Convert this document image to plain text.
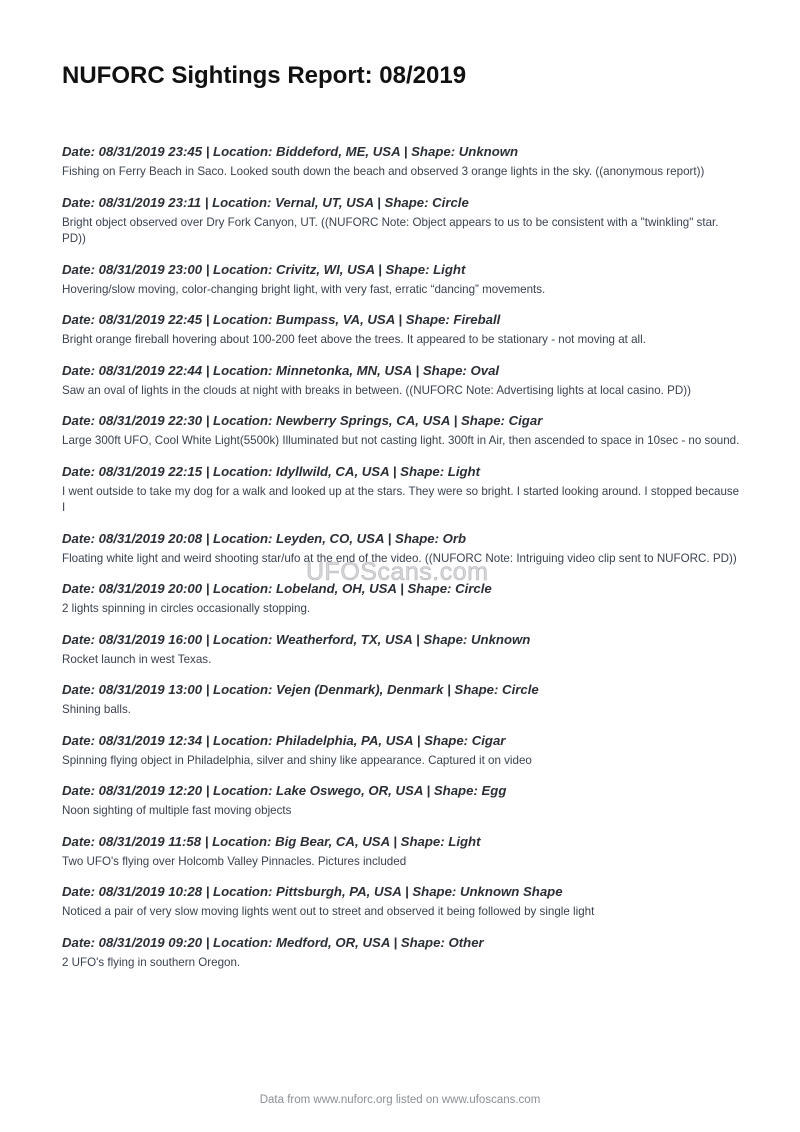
NUFORC Sightings Report: 08/2019

Date: 08/31/2019 23:45 | Location: Biddeford, ME, USA | Shape: Unknown

Fishing on Ferry Beach in Saco. Looked south down the beach and observed 3 orange lights in the sky. ((anonymous report))

Date: 08/31/2019 23:11 | Location: Vernal, UT, USA | Shape: Circle

Bright object observed over Dry Fork Canyon, UT. ((NUFORC Note: Object appears to us to be consistent with a "twinkling" star. PD))

Date: 08/31/2019 23:00 | Location: Crivitz, WI, USA | Shape: Light

Hovering/slow moving, color-changing bright light, with very fast, erratic “dancing” movements.

Date: 08/31/2019 22:45 | Location: Bumpass, VA, USA | Shape: Fireball

Bright orange fireball hovering about 100-200 feet above the trees. It appeared to be stationary - not moving at all.

Date: 08/31/2019 22:44 | Location: Minnetonka, MN, USA | Shape: Oval

Saw an oval of lights in the clouds at night with breaks in between. ((NUFORC Note: Advertising lights at local casino. PD))

Date: 08/31/2019 22:30 | Location: Newberry Springs, CA, USA | Shape: Cigar

Large 300ft UFO, Cool White Light(5500k) Illuminated but not casting light. 300ft in Air, then ascended to space in 10sec - no sound.

Date: 08/31/2019 22:15 | Location: Idyllwild, CA, USA | Shape: Light

I went outside to take my dog for a walk and looked up at the stars. They were so bright. I started looking around. I stopped because I

Date: 08/31/2019 20:08 | Location: Leyden, CO, USA | Shape: Orb

Floating white light and weird shooting star/ufo at the end of the video. ((NUFORC Note: Intriguing video clip sent to NUFORC. PD))

Date: 08/31/2019 20:00 | Location: Lobeland, OH, USA | Shape: Circle

2 lights spinning in circles occasionally stopping.

Date: 08/31/2019 16:00 | Location: Weatherford, TX, USA | Shape: Unknown

Rocket launch in west Texas.

Date: 08/31/2019 13:00 | Location: Vejen (Denmark), Denmark | Shape: Circle

Shining balls.

Date: 08/31/2019 12:34 | Location: Philadelphia, PA, USA | Shape: Cigar

Spinning flying object in Philadelphia, silver and shiny like appearance. Captured it on video

Date: 08/31/2019 12:20 | Location: Lake Oswego, OR, USA | Shape: Egg

Noon sighting of multiple fast moving objects

Date: 08/31/2019 11:58 | Location: Big Bear, CA, USA | Shape: Light

Two UFO's flying over Holcomb Valley Pinnacles. Pictures included

Date: 08/31/2019 10:28 | Location: Pittsburgh, PA, USA | Shape: Unknown Shape

Noticed a pair of very slow moving lights went out to street and observed it being followed by single light

Date: 08/31/2019 09:20 | Location: Medford, OR, USA | Shape: Other

2 UFO's flying in southern Oregon.

UFOScans.com
Data from www.nuforc.org listed on www.ufoscans.com
